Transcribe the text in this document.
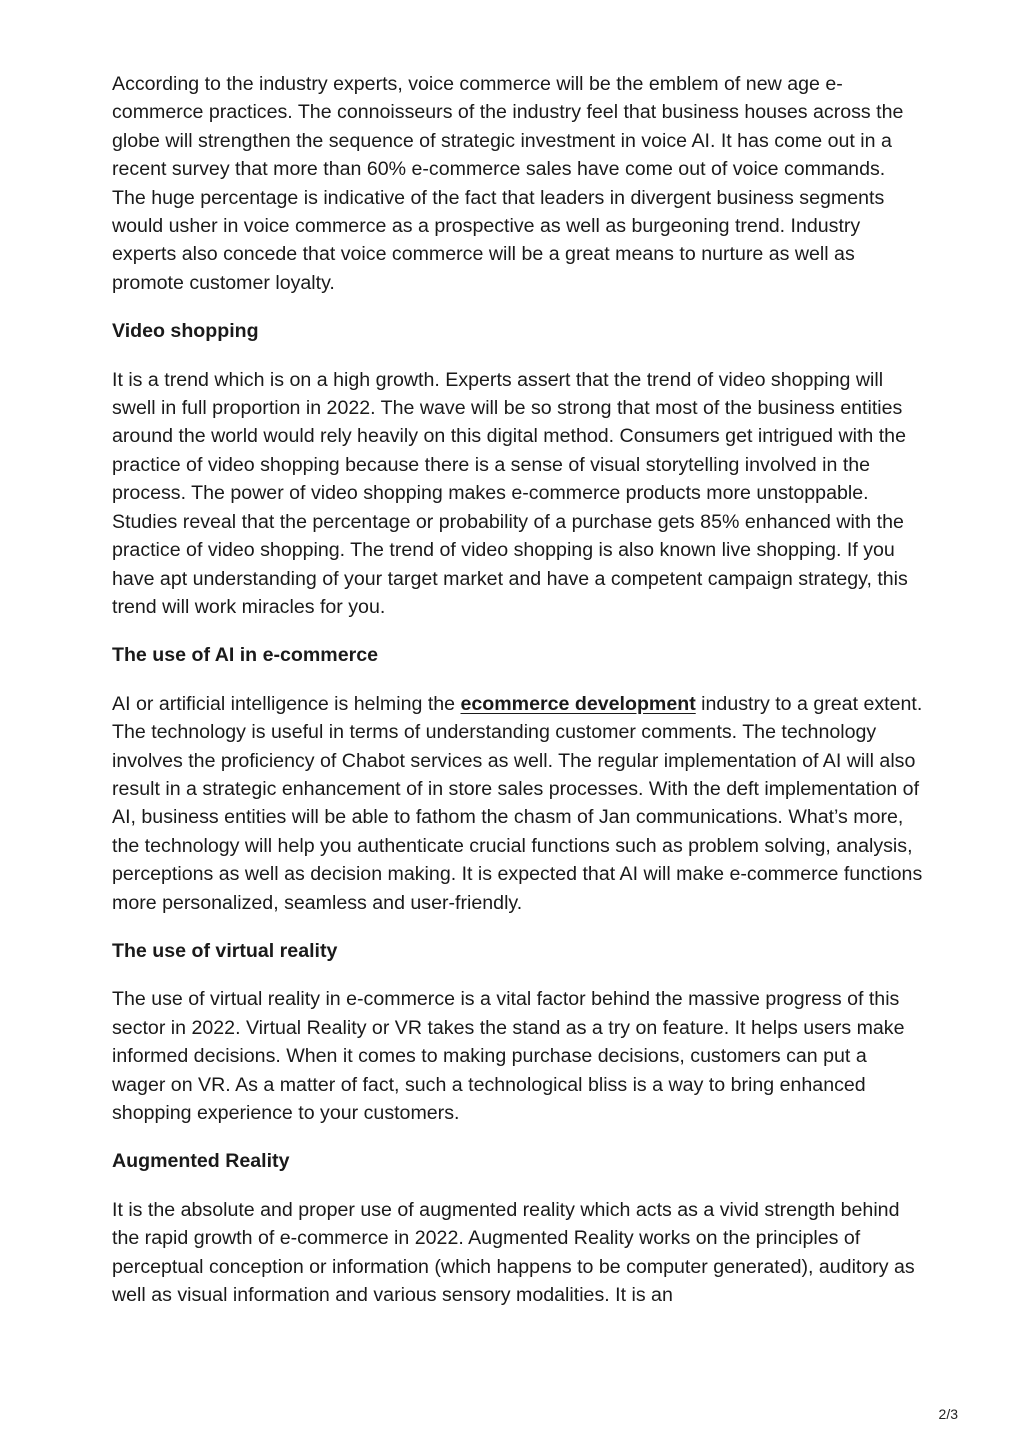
According to the industry experts, voice commerce will be the emblem of new age e-commerce practices. The connoisseurs of the industry feel that business houses across the globe will strengthen the sequence of strategic investment in voice AI. It has come out in a recent survey that more than 60% e-commerce sales have come out of voice commands. The huge percentage is indicative of the fact that leaders in divergent business segments would usher in voice commerce as a prospective as well as burgeoning trend. Industry experts also concede that voice commerce will be a great means to nurture as well as promote customer loyalty.

Video shopping

It is a trend which is on a high growth. Experts assert that the trend of video shopping will swell in full proportion in 2022. The wave will be so strong that most of the business entities around the world would rely heavily on this digital method. Consumers get intrigued with the practice of video shopping because there is a sense of visual storytelling involved in the process. The power of video shopping makes e-commerce products more unstoppable. Studies reveal that the percentage or probability of a purchase gets 85% enhanced with the practice of video shopping. The trend of video shopping is also known live shopping. If you have apt understanding of your target market and have a competent campaign strategy, this trend will work miracles for you.

The use of AI in e-commerce

AI or artificial intelligence is helming the ecommerce development industry to a great extent. The technology is useful in terms of understanding customer comments. The technology involves the proficiency of Chabot services as well. The regular implementation of AI will also result in a strategic enhancement of in store sales processes. With the deft implementation of AI, business entities will be able to fathom the chasm of Jan communications. What’s more, the technology will help you authenticate crucial functions such as problem solving, analysis, perceptions as well as decision making. It is expected that AI will make e-commerce functions more personalized, seamless and user-friendly.

The use of virtual reality

The use of virtual reality in e-commerce is a vital factor behind the massive progress of this sector in 2022. Virtual Reality or VR takes the stand as a try on feature. It helps users make informed decisions. When it comes to making purchase decisions, customers can put a wager on VR. As a matter of fact, such a technological bliss is a way to bring enhanced shopping experience to your customers.

Augmented Reality

It is the absolute and proper use of augmented reality which acts as a vivid strength behind the rapid growth of e-commerce in 2022. Augmented Reality works on the principles of perceptual conception or information (which happens to be computer generated), auditory as well as visual information and various sensory modalities. It is an

2/3
